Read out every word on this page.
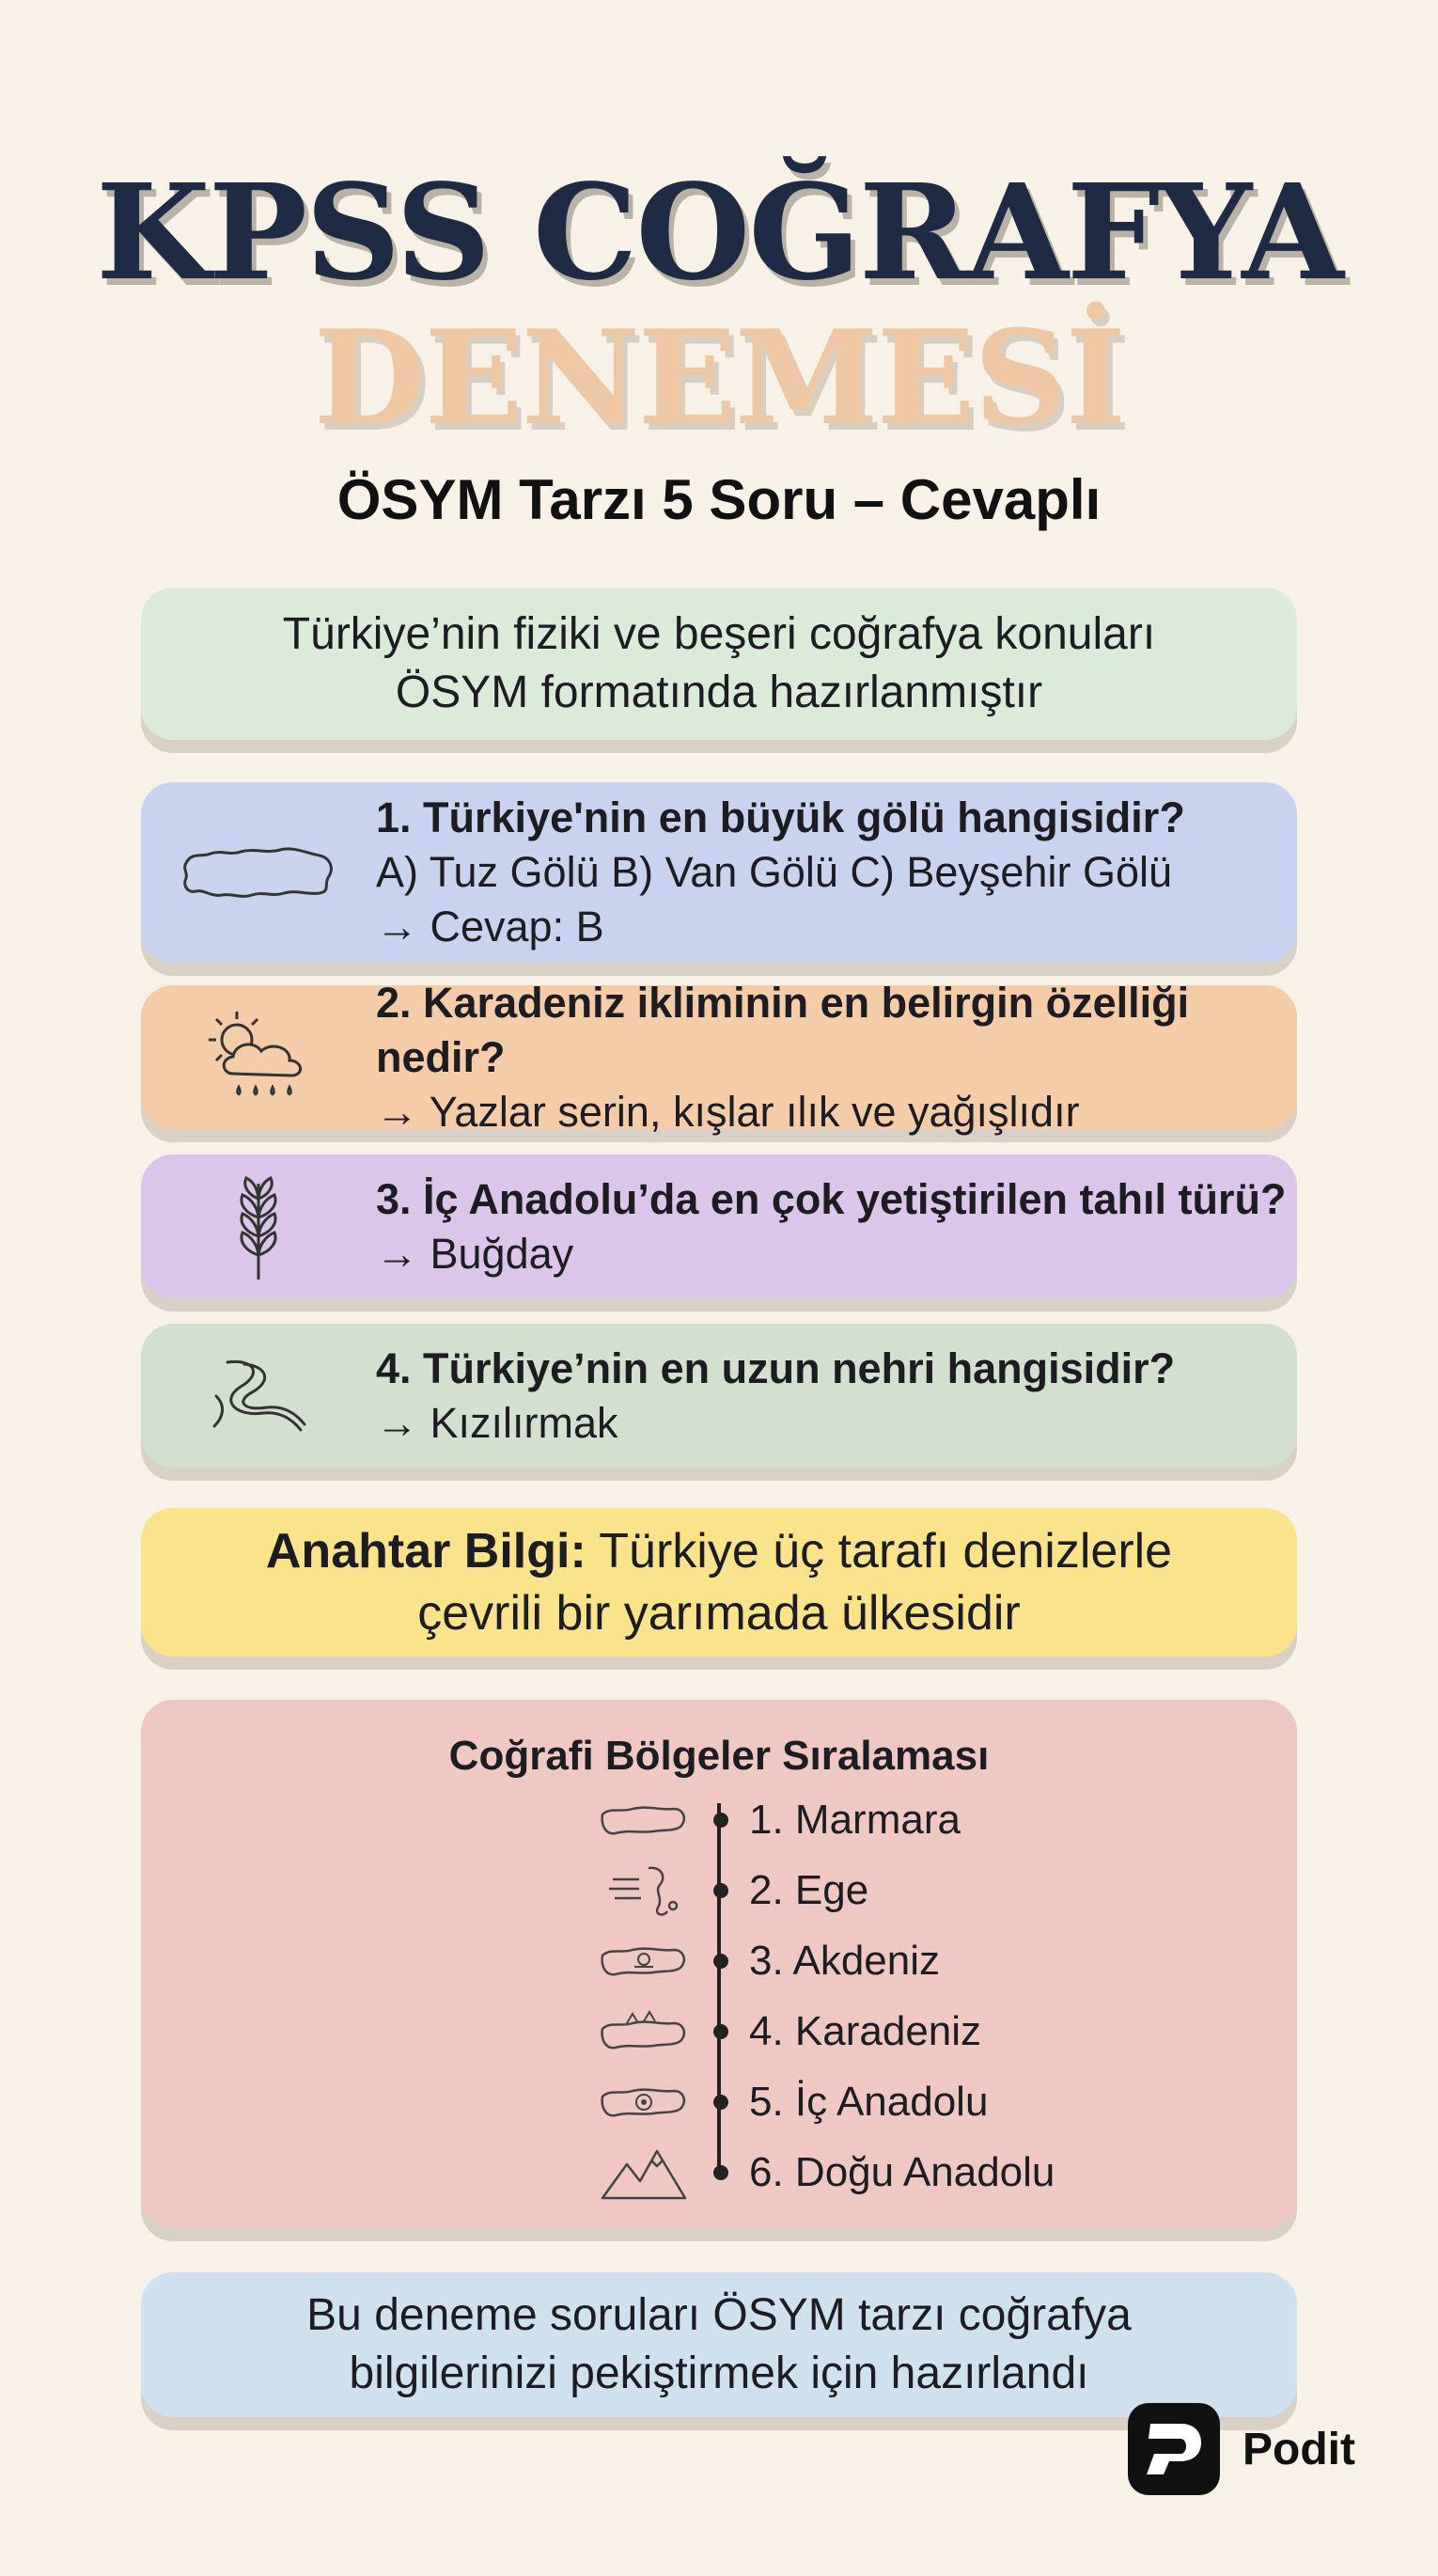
KPSS COĞRAFYA
DENEMESİ
ÖSYM Tarzı 5 Soru – Cevaplı
Türkiye’nin fiziki ve beşeri coğrafya konuları
ÖSYM formatında hazırlanmıştır
1. Türkiye'nin en büyük gölü hangisidir?
A) Tuz Gölü B) Van Gölü C) Beyşehir Gölü
→ Cevap: B
2. Karadeniz ikliminin en belirgin özelliği nedir?
→ Yazlar serin, kışlar ılık ve yağışlıdır
3. İç Anadolu’da en çok yetiştirilen tahıl türü?
→ Buğday
4. Türkiye’nin en uzun nehri hangisidir?
→ Kızılırmak
Anahtar Bilgi: Türkiye üç tarafı denizlerle
çevrili bir yarımada ülkesidir
Coğrafi Bölgeler Sıralaması
1. Marmara
2. Ege
3. Akdeniz
4. Karadeniz
5. İç Anadolu
6. Doğu Anadolu
Bu deneme soruları ÖSYM tarzı coğrafya
bilgilerinizi pekiştirmek için hazırlandı
Podit
